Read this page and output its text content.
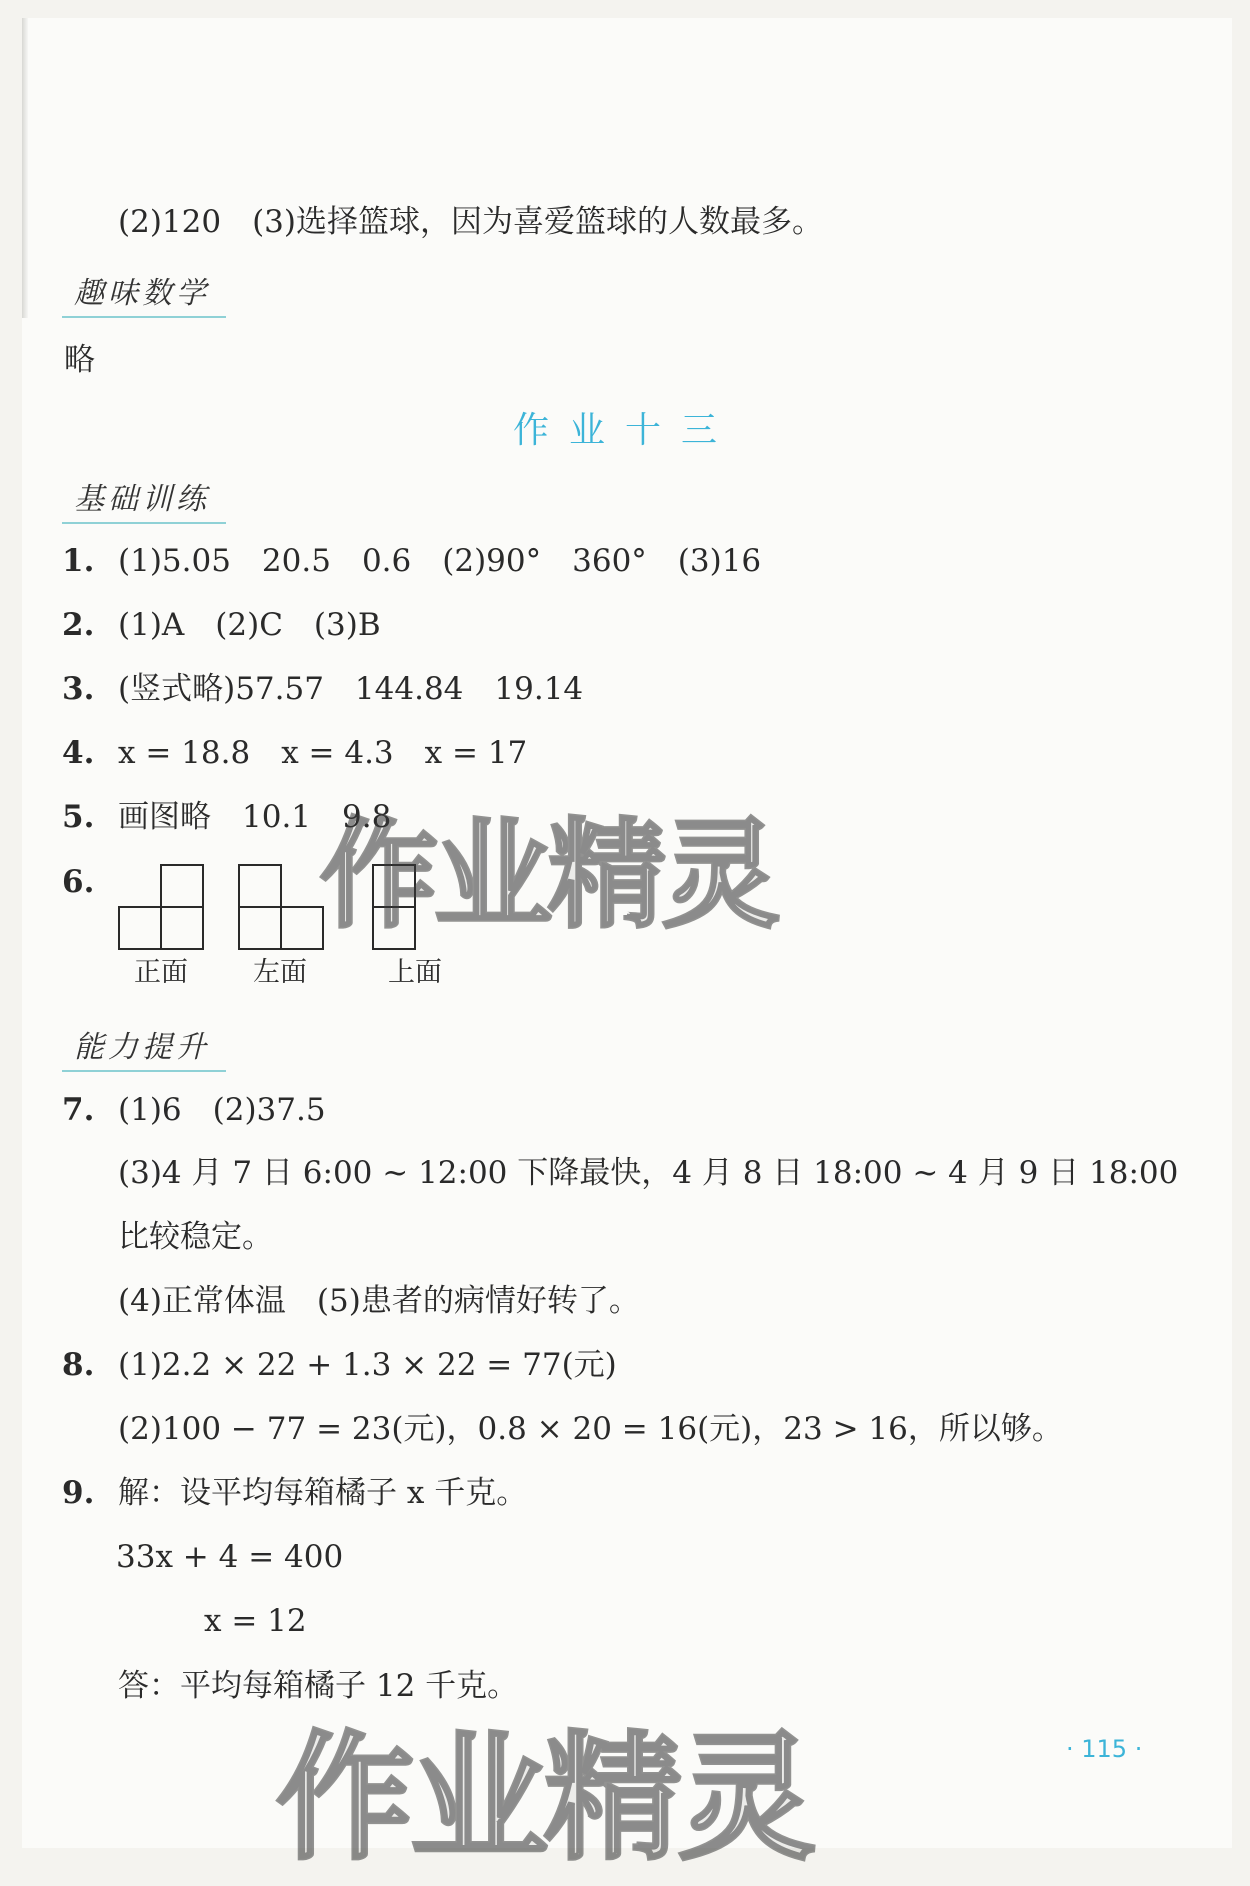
(2)120　(3)选择篮球，因为喜爱篮球的人数最多。
趣味数学
略
作业十三
基础训练
1. (1)5.05　20.5　0.6　(2)90°　360°　(3)16
2. (1)A　(2)C　(3)B
3. (竖式略)57.57　144.84　19.14
4. x = 18.8　x = 4.3　x = 17
5. 画图略　10.1　9.8
6.
正面 左面	上面
能力提升
7. (1)6　(2)37.5
(3)4 月 7 日 6:00 ~ 12:00 下降最快，4 月 8 日 18:00 ~ 4 月 9 日 18:00
比较稳定。
(4)正常体温　(5)患者的病情好转了。
8. (1)2.2 × 22 + 1.3 × 22 = 77(元)
(2)100 − 77 = 23(元)，0.8 × 20 = 16(元)，23 > 16，所以够。
9. 解：设平均每箱橘子 x 千克。
33x + 4 = 400
x = 12
答：平均每箱橘子 12 千克。
· 115 ·
作业精灵
作业精灵
